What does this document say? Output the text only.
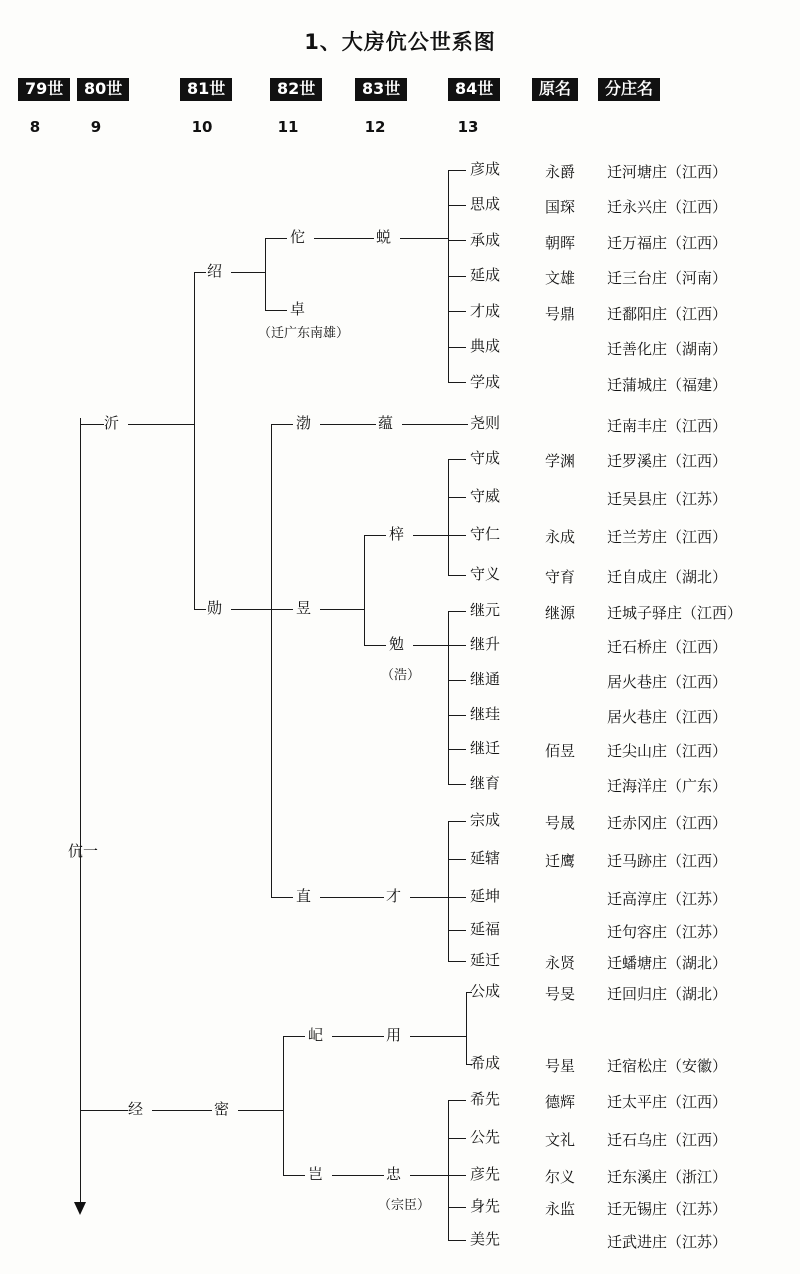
1、大房伉公世系图
79世	80世	81世	82世	83世	84世	原名	分庄名
8	9	10	11	12	13
伉一
沂
经
绍
勋
密
佗
卓
（迁广东南雄）
蜕
彦成	永爵 迁河塘庄（江西）
思成	国琛 迁永兴庄（江西）
承成	朝晖 迁万福庄（江西）
延成	文雄 迁三台庄（河南）
才成	号鼎 迁鄱阳庄（江西）
典成	迁善化庄（湖南）
学成	迁蒲城庄（福建）
渤
昱
直
蕴	尧则	迁南丰庄（江西）
梓
勉
（浩）
守成	学渊 迁罗溪庄（江西）
守威	迁吴县庄（江苏）
守仁	永成 迁兰芳庄（江西）
守义	守育 迁自成庄（湖北）
继元	继源 迁城子驿庄（江西）
继升	迁石桥庄（江西）
继通	居火巷庄（江西）
继珪	居火巷庄（江西）
继迁	佰昱 迁尖山庄（江西）
继育	迁海洋庄（广东）
才
宗成	号晟 迁赤冈庄（江西）
延辖	迁鹰 迁马跡庄（江西）
延坤	迁高淳庄（江苏）
延福	迁句容庄（江苏）
延迁	永贤 迁蟠塘庄（湖北）
屺
岂
用
公成	号旻 迁回归庄（湖北）
希成	号星 迁宿松庄（安徽）
忠
（宗臣）
希先	德辉 迁太平庄（江西）
公先	文礼 迁石乌庄（江西）
彦先	尔义 迁东溪庄（浙江）
身先	永监 迁无锡庄（江苏）
美先	迁武进庄（江苏）
